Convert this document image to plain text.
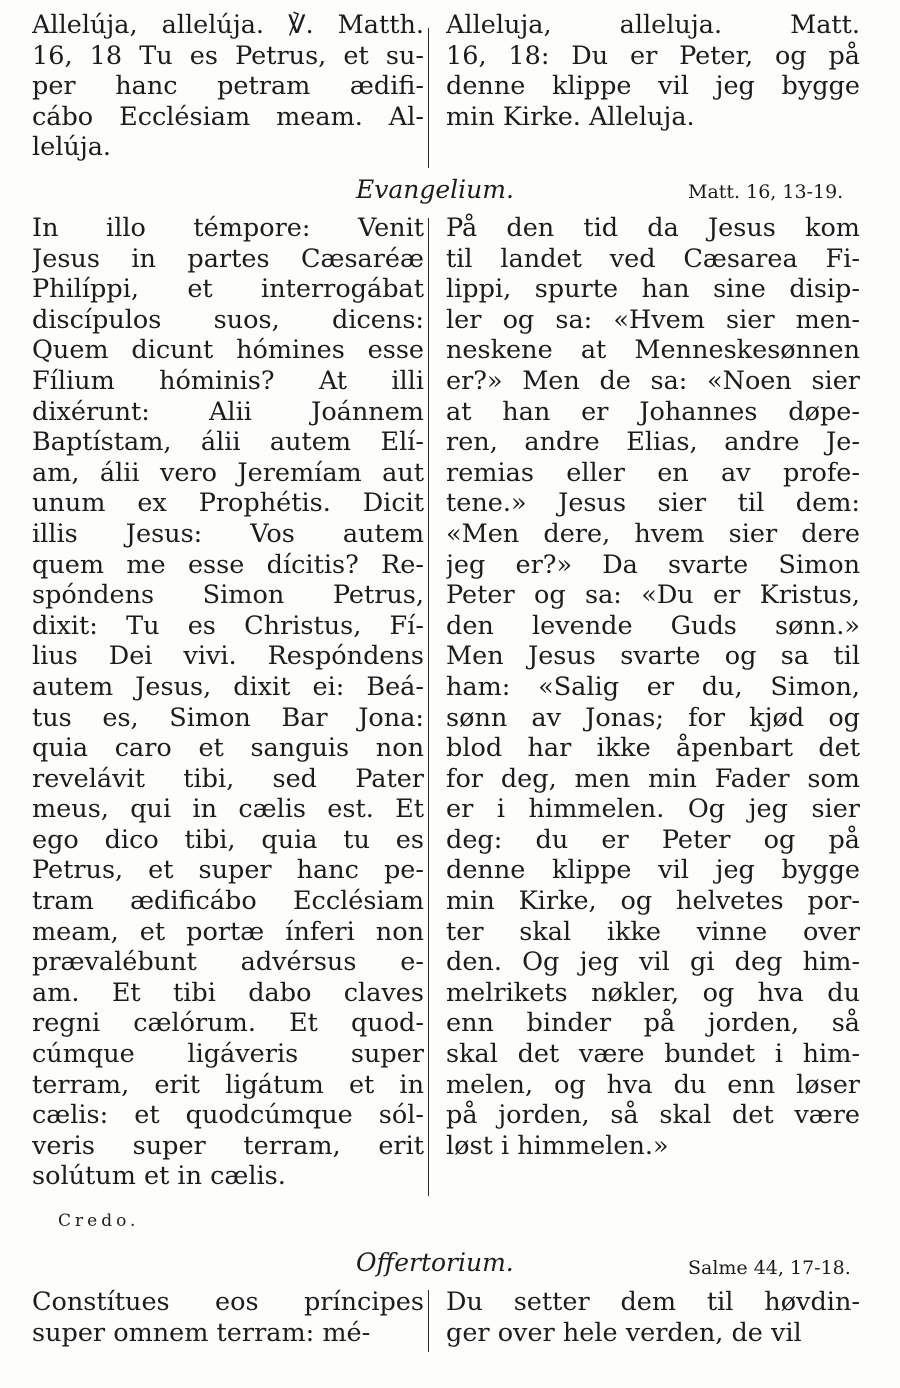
Allelúja, allelúja. ℣. Matth.
16, 18 Tu es Petrus, et su-
per hanc petram ædifi-
cábo Ecclésiam meam. Al-
lelúja.
Alleluja, alleluja. Matt.
16, 18: Du er Peter, og på
denne klippe vil jeg bygge
min Kirke. Alleluja.
Evangelium.	Matt. 16, 13-19.
In illo témpore: Venit
Jesus in partes Cæsaréæ
Philíppi, et interrogábat
discípulos suos, dicens:
Quem dicunt hómines esse
Fílium hóminis? At illi
dixérunt: Alii Joánnem
Baptístam, álii autem Elí-
am, álii vero Jeremíam aut
unum ex Prophétis. Dicit
illis Jesus: Vos autem
quem me esse dícitis? Re-
spóndens Simon Petrus,
dixit: Tu es Christus, Fí-
lius Dei vivi. Respóndens
autem Jesus, dixit ei: Beá-
tus es, Simon Bar Jona:
quia caro et sanguis non
revelávit tibi, sed Pater
meus, qui in cælis est. Et
ego dico tibi, quia tu es
Petrus, et super hanc pe-
tram ædificábo Ecclésiam
meam, et portæ ínferi non
prævalébunt advérsus e-
am. Et tibi dabo claves
regni cælórum. Et quod-
cúmque ligáveris super
terram, erit ligátum et in
cælis: et quodcúmque sól-
veris super terram, erit
solútum et in cælis.
På den tid da Jesus kom
til landet ved Cæsarea Fi-
lippi, spurte han sine disip-
ler og sa: «Hvem sier men-
neskene at Menneskesønnen
er?» Men de sa: «Noen sier
at han er Johannes døpe-
ren, andre Elias, andre Je-
remias eller en av profe-
tene.» Jesus sier til dem:
«Men dere, hvem sier dere
jeg er?» Da svarte Simon
Peter og sa: «Du er Kristus,
den levende Guds sønn.»
Men Jesus svarte og sa til
ham: «Salig er du, Simon,
sønn av Jonas; for kjød og
blod har ikke åpenbart det
for deg, men min Fader som
er i himmelen. Og jeg sier
deg: du er Peter og på
denne klippe vil jeg bygge
min Kirke, og helvetes por-
ter skal ikke vinne over
den. Og jeg vil gi deg him-
melrikets nøkler, og hva du
enn binder på jorden, så
skal det være bundet i him-
melen, og hva du enn løser
på jorden, så skal det være
løst i himmelen.»
Credo.
Offertorium.	Salme 44, 17-18.
Constítues eos príncipes
super omnem terram: mé-
Du setter dem til høvdin-
ger over hele verden, de vil
